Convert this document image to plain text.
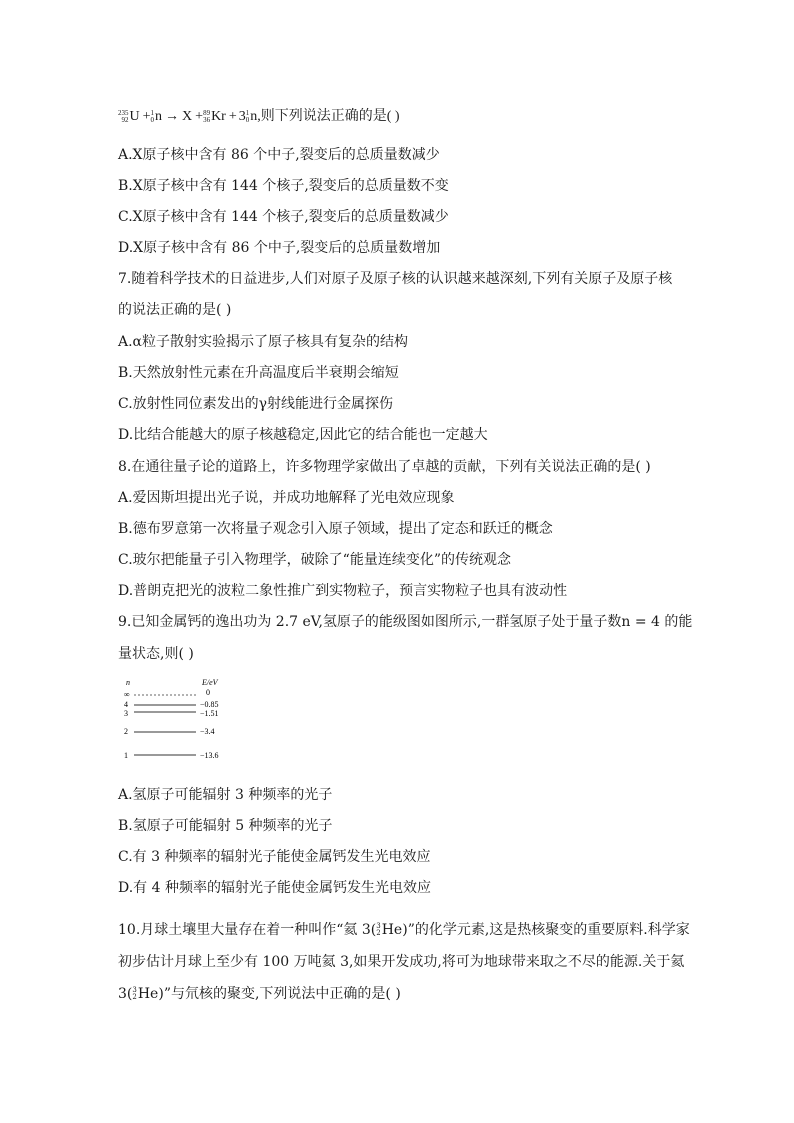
235
92 U + 1
0 n → X + 89
36 Kr + 3 1
0 n,则下列说法正确的是( )
A.X原子核中含有 86 个中子,裂变后的总质量数减少
B.X原子核中含有 144 个核子,裂变后的总质量数不变
C.X原子核中含有 144 个核子,裂变后的总质量数减少
D.X原子核中含有 86 个中子,裂变后的总质量数增加
7.随着科学技术的日益进步,人们对原子及原子核的认识越来越深刻,下列有关原子及原子核
的说法正确的是( )
A.α粒子散射实验揭示了原子核具有复杂的结构
B.天然放射性元素在升高温度后半衰期会缩短
C.放射性同位素发出的γ射线能进行金属探伤
D.比结合能越大的原子核越稳定,因此它的结合能也一定越大
8.在通往量子论的道路上，许多物理学家做出了卓越的贡献，下列有关说法正确的是( )
A.爱因斯坦提出光子说，并成功地解释了光电效应现象
B.德布罗意第一次将量子观念引入原子领域，提出了定态和跃迁的概念
C.玻尔把能量子引入物理学，破除了“能量连续变化”的传统观念
D.普朗克把光的波粒二象性推广到实物粒子，预言实物粒子也具有波动性
9.已知金属钙的逸出功为 2.7 eV,氢原子的能级图如图所示,一群氢原子处于量子数n = 4 的能
量状态,则( )
n	E/eV
∞	0
4	−0.85
3	−1.51
2	−3.4
1	−13.6
A.氢原子可能辐射 3 种频率的光子
B.氢原子可能辐射 5 种频率的光子
C.有 3 种频率的辐射光子能使金属钙发生光电效应
D.有 4 种频率的辐射光子能使金属钙发生光电效应
10.月球土壤里大量存在着一种叫作“氦 3( 3
2 He)”的化学元素,这是热核聚变的重要原料.科学家
初步估计月球上至少有 100 万吨氦 3,如果开发成功,将可为地球带来取之不尽的能源.关于氦
3( 3
2 He)”与氘核的聚变,下列说法中正确的是( )
